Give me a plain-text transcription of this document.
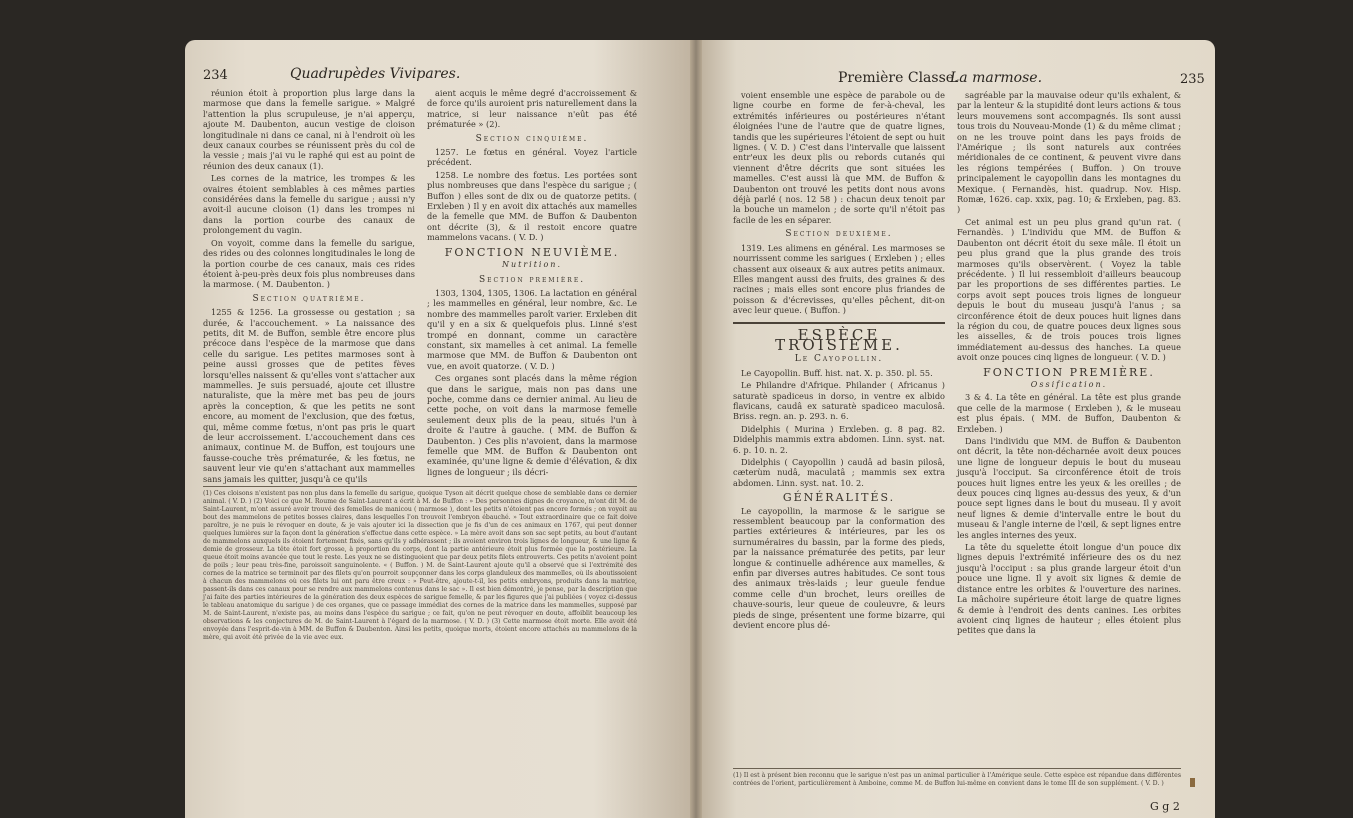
234	Quadrupèdes Vivipares.

réunion étoit à proportion plus large dans la marmose que dans la femelle sarigue. » Malgré l'attention la plus scrupuleuse, je n'ai apperçu, ajoute M. Daubenton, aucun vestige de cloison longitudinale ni dans ce canal, ni à l'endroit où les deux canaux courbes se réunissent près du col de la vessie ; mais j'ai vu le raphé qui est au point de réunion des deux canaux (1).

Les cornes de la matrice, les trompes & les ovaires étoient semblables à ces mêmes parties considérées dans la femelle du sarigue ; aussi n'y avoit-il aucune cloison (1) dans les trompes ni dans la portion courbe des canaux de prolongement du vagin.

On voyoit, comme dans la femelle du sarigue, des rides ou des colonnes longitudinales le long de la portion courbe de ces canaux, mais ces rides étoient à-peu-près deux fois plus nombreuses dans la marmose. ( M. Daubenton. )

Section quatrième.

1255 & 1256. La grossesse ou gestation ; sa durée, & l'accouchement. » La naissance des petits, dit M. de Buffon, semble être encore plus précoce dans l'espèce de la marmose que dans celle du sarigue. Les petites marmoses sont à peine aussi grosses que de petites fèves lorsqu'elles naissent & qu'elles vont s'attacher aux mammelles. Je suis persuadé, ajoute cet illustre naturaliste, que la mère met bas peu de jours après la conception, & que les petits ne sont encore, au moment de l'exclusion, que des fœtus, qui, même comme fœtus, n'ont pas pris le quart de leur accroissement. L'accouchement dans ces animaux, continue M. de Buffon, est toujours une fausse-couche très prématurée, & les fœtus, ne sauvent leur vie qu'en s'attachant aux mammelles sans jamais les quitter, jusqu'à ce qu'ils

aient acquis le même degré d'accroissement & de force qu'ils auroient pris naturellement dans la matrice, si leur naissance n'eût pas été prématurée » (2).

Section cinquième.

1257. Le fœtus en général. Voyez l'article précédent.

1258. Le nombre des fœtus. Les portées sont plus nombreuses que dans l'espèce du sarigue ; ( Buffon ) elles sont de dix ou de quatorze petits. ( Erxleben ) Il y en avoit dix attachés aux mamelles de la femelle que MM. de Buffon & Daubenton ont décrite (3), & il restoit encore quatre mammelons vacans. ( V. D. )

FONCTION NEUVIÈME.
Nutrition.
Section première.

1303, 1304, 1305, 1306. La lactation en général ; les mammelles en général, leur nombre, &c. Le nombre des mammelles paroît varier. Erxleben dit qu'il y en a six & quelquefois plus. Linné s'est trompé en donnant, comme un caractère constant, six mamelles à cet animal. La femelle marmose que MM. de Buffon & Daubenton ont vue, en avoit quatorze. ( V. D. )

Ces organes sont placés dans la même région que dans le sarigue, mais non pas dans une poche, comme dans ce dernier animal. Au lieu de cette poche, on voit dans la marmose femelle seulement deux plis de la peau, situés l'un à droite & l'autre à gauche. ( MM. de Buffon & Daubenton. ) Ces plis n'avoient, dans la marmose femelle que MM. de Buffon & Daubenton ont examinée, qu'une ligne & demie d'élévation, & dix lignes de longueur ; ils décri-

(1) Ces cloisons n'existent pas non plus dans la femelle du sarigue, quoique Tyson ait décrit quelque chose de semblable dans ce dernier animal. ( V. D. ) (2) Voici ce que M. Roume de Saint-Laurent a écrit à M. de Buffon : » Des personnes dignes de croyance, m'ont dit M. de Saint-Laurent, m'ont assuré avoir trouvé des femelles de manicou ( marmose ), dont les petits n'étoient pas encore formés ; on voyoit au bout des mammelons de petites bosses claires, dans lesquelles l'on trouvoit l'embryon ébauché. » Tout extraordinaire que ce fait doive paroître, je ne puis le révoquer en doute, & je vais ajouter ici la dissection que je fis d'un de ces animaux en 1767, qui peut donner quelques lumières sur la façon dont la génération s'effectue dans cette espèce. » La mère avoit dans son sac sept petits, au bout d'autant de mammelons auxquels ils étoient fortement fixés, sans qu'ils y adhérassent ; ils avoient environ trois lignes de longueur, & une ligne & demie de grosseur. La tête étoit fort grosse, à proportion du corps, dont la partie antérieure étoit plus formée que la postérieure. La queue étoit moins avancée que tout le reste. Les yeux ne se distinguoient que par deux petits filets entrouverts. Ces petits n'avoient point de poils ; leur peau très-fine, paroissoit sanguinolente. « ( Buffon. ) M. de Saint-Laurent ajoute qu'il a observé que si l'extrémité des cornes de la matrice se terminoit par des filets qu'on pourroit soupçonner dans les corps glanduleux des mammelles, où ils aboutissoient à chacun des mammelons où ces filets lui ont paru être creux : » Peut-être, ajoute-t-il, les petits embryons, produits dans la matrice, passent-ils dans ces canaux pour se rendre aux mammelons contenus dans le sac ». Il est bien démontré, je pense, par la description que j'ai faite des parties intérieures de la génération des deux espèces de sarigue femelle, & par les figures que j'ai publiées ( voyez ci-dessus le tableau anatomique du sarigue ) de ces organes, que ce passage immédiat des cornes de la matrice dans les mammelles, supposé par M. de Saint-Laurent, n'existe pas, au moins dans l'espèce du sarigue ; ce fait, qu'on ne peut révoquer en doute, affoiblit beaucoup les observations & les conjectures de M. de Saint-Laurent à l'égard de la marmose. ( V. D. ) (3) Cette marmose étoit morte. Elle avoit été envoyée dans l'esprit-de-vin à MM. de Buffon & Daubenton. Ainsi les petits, quoique morts, étoient encore attachés au mammelons de la mère, qui avoit été privée de la vie avec eux.
Première Classe.
La marmose.	235

voient ensemble une espèce de parabole ou de ligne courbe en forme de fer-à-cheval, les extrémités inférieures ou postérieures n'étant éloignées l'une de l'autre que de quatre lignes, tandis que les supérieures l'étoient de sept ou huit lignes. ( V. D. ) C'est dans l'intervalle que laissent entr'eux les deux plis ou rebords cutanés qui viennent d'être décrits que sont situées les mamelles. C'est aussi là que MM. de Buffon & Daubenton ont trouvé les petits dont nous avons déjà parlé ( nos. 12 58 ) : chacun deux tenoit par la bouche un mamelon ; de sorte qu'il n'étoit pas facile de les en séparer.

Section deuxième.

1319. Les alimens en général. Les marmoses se nourrissent comme les sarigues ( Erxleben ) ; elles chassent aux oiseaux & aux autres petits animaux. Elles mangent aussi des fruits, des graines & des racines ; mais elles sont encore plus friandes de poisson & d'écrevisses, qu'elles pêchent, dit-on avec leur queue. ( Buffon. )

ESPÈCE TROISIÈME.
Le Cayopollin.

Le Cayopollin. Buff. hist. nat. X. p. 350. pl. 55.

Le Philandre d'Afrique. Philander ( Africanus ) saturatè spadiceus in dorso, in ventre ex albido flavicans, caudâ ex saturatè spadiceo maculosâ. Briss. regn. an. p. 293. n. 6.

Didelphis ( Murina ) Erxleben. g. 8 pag. 82. Didelphis mammis extra abdomen. Linn. syst. nat. 6. p. 10. n. 2.

Didelphis ( Cayopollin ) caudâ ad basin pilosâ, cæterùm nudâ, maculatâ ; mammis sex extra abdomen. Linn. syst. nat. 10. 2.

GÉNÉRALITÉS.

Le cayopollin, la marmose & le sarigue se ressemblent beaucoup par la conformation des parties extérieures & intérieures, par les os surnuméraires du bassin, par la forme des pieds, par la naissance prématurée des petits, par leur longue & continuelle adhérence aux mamelles, & enfin par diverses autres habitudes. Ce sont tous des animaux très-laids ; leur gueule fendue comme celle d'un brochet, leurs oreilles de chauve-souris, leur queue de couleuvre, & leurs pieds de singe, présentent une forme bizarre, qui devient encore plus dé-

sagréable par la mauvaise odeur qu'ils exhalent, & par la lenteur & la stupidité dont leurs actions & tous leurs mouvemens sont accompagnés. Ils sont aussi tous trois du Nouveau-Monde (1) & du même climat ; on ne les trouve point dans les pays froids de l'Amérique ; ils sont naturels aux contrées méridionales de ce continent, & peuvent vivre dans les régions tempérées ( Buffon. ) On trouve principalement le cayopollin dans les montagnes du Mexique. ( Fernandès, hist. quadrup. Nov. Hisp. Romæ, 1626. cap. xxix, pag. 10; & Erxleben, pag. 83. )

Cet animal est un peu plus grand qu'un rat. ( Fernandès. ) L'individu que MM. de Buffon & Daubenton ont décrit étoit du sexe mâle. Il étoit un peu plus grand que la plus grande des trois marmoses qu'ils observèrent. ( Voyez la table précédente. ) Il lui ressembloit d'ailleurs beaucoup par les proportions de ses différentes parties. Le corps avoit sept pouces trois lignes de longueur depuis le bout du museau jusqu'à l'anus ; sa circonférence étoit de deux pouces huit lignes dans la région du cou, de quatre pouces deux lignes sous les aisselles, & de trois pouces trois lignes immédiatement au-dessus des hanches. La queue avoit onze pouces cinq lignes de longueur. ( V. D. )

FONCTION PREMIÈRE.
Ossification.

3 & 4. La tête en général. La tête est plus grande que celle de la marmose ( Erxleben ), & le museau est plus épais. ( MM. de Buffon, Daubenton & Erxleben. )

Dans l'individu que MM. de Buffon & Daubenton ont décrit, la tête non-décharnée avoit deux pouces une ligne de longueur depuis le bout du museau jusqu'à l'occiput. Sa circonférence étoit de trois pouces huit lignes entre les yeux & les oreilles ; de deux pouces cinq lignes au-dessus des yeux, & d'un pouce sept lignes dans le bout du museau. Il y avoit neuf lignes & demie d'intervalle entre le bout du museau & l'angle interne de l'œil, & sept lignes entre les angles internes des yeux.

La tête du squelette étoit longue d'un pouce dix lignes depuis l'extrémité inférieure des os du nez jusqu'à l'occiput : sa plus grande largeur étoit d'un pouce une ligne. Il y avoit six lignes & demie de distance entre les orbites & l'ouverture des narines. La mâchoire supérieure étoit large de quatre lignes & demie à l'endroit des dents canines. Les orbites avoient cinq lignes de hauteur ; elles étoient plus petites que dans la

(1) Il est à présent bien reconnu que le sarigue n'est pas un animal particulier à l'Amérique seule. Cette espèce est répandue dans différentes contrées de l'orient, particulièrement à Amboine, comme M. de Buffon lui-même en convient dans le tome III de son supplément. ( V. D. )
G g 2
